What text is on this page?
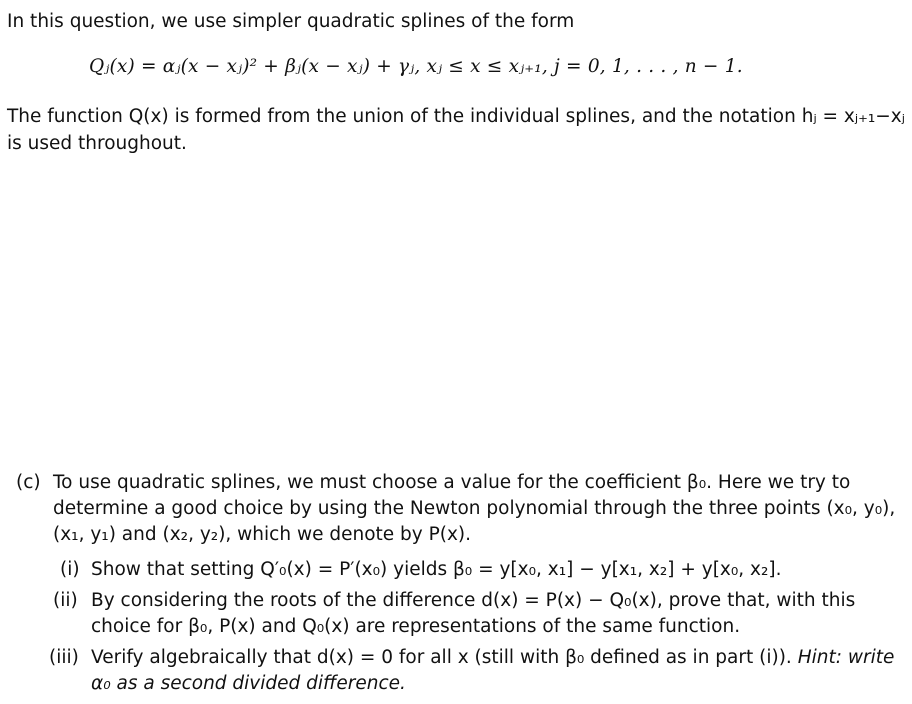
In this question, we use simpler quadratic splines of the form
Qⱼ(x) = αⱼ(x − xⱼ)² + βⱼ(x − xⱼ) + γⱼ, xⱼ ≤ x ≤ xⱼ₊₁, j = 0, 1, . . . , n − 1.
The function Q(x) is formed from the union of the individual splines, and the notation hⱼ = xⱼ₊₁−xⱼ
is used throughout.
(c) To use quadratic splines, we must choose a value for the coefficient β₀. Here we try to
determine a good choice by using the Newton polynomial through the three points (x₀, y₀),
(x₁, y₁) and (x₂, y₂), which we denote by P(x).
(i) Show that setting Q′₀(x) = P′(x₀) yields β₀ = y[x₀, x₁] − y[x₁, x₂] + y[x₀, x₂].
(ii) By considering the roots of the difference d(x) = P(x) − Q₀(x), prove that, with this
choice for β₀, P(x) and Q₀(x) are representations of the same function.
(iii) Verify algebraically that d(x) = 0 for all x (still with β₀ defined as in part (i)). Hint: write
α₀ as a second divided difference.
